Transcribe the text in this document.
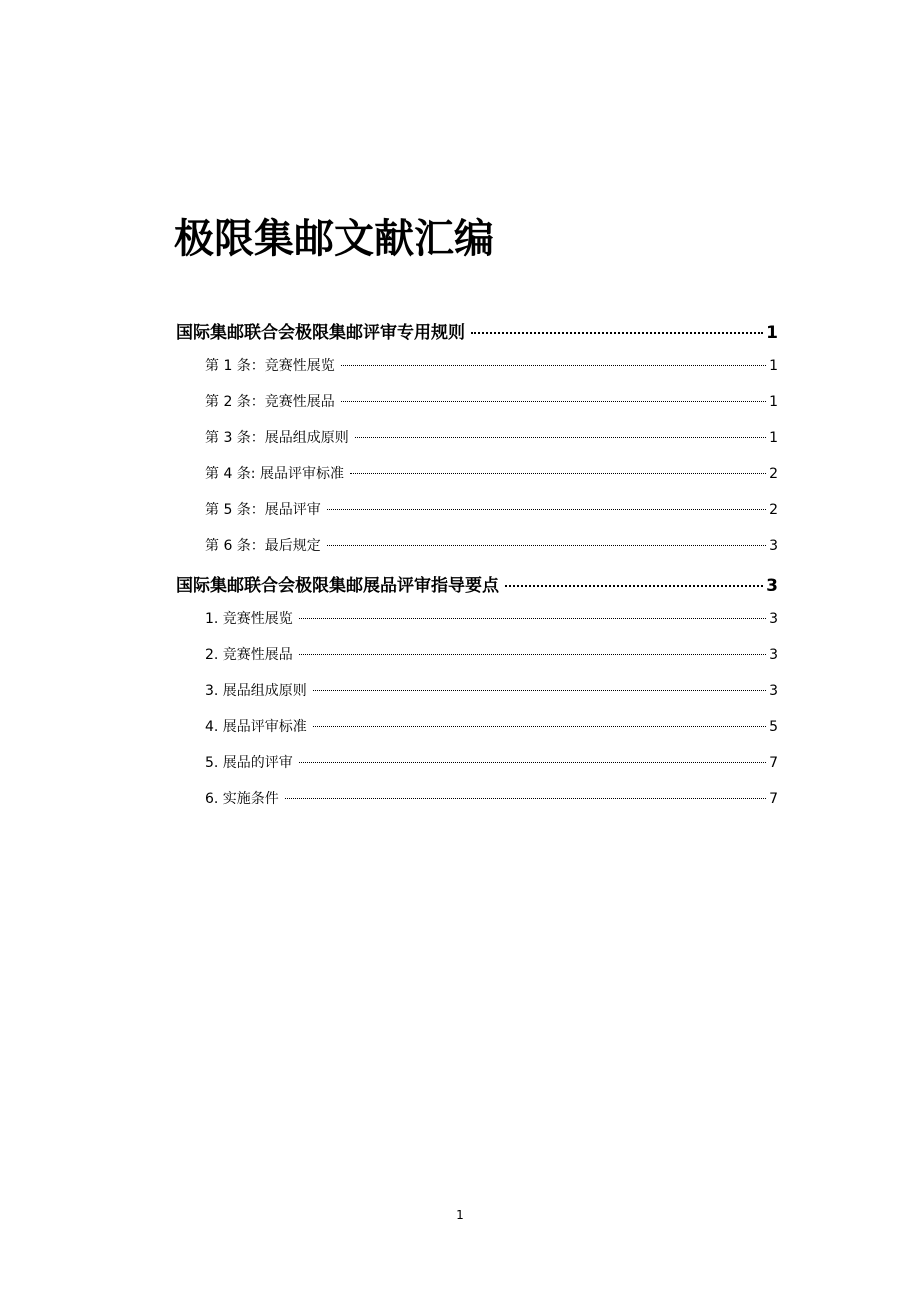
极限集邮文献汇编
国际集邮联合会极限集邮评审专用规则	1
第 1 条：竞赛性展览	1
第 2 条：竞赛性展品	1
第 3 条：展品组成原则	1
第 4 条: 展品评审标准	2
第 5 条：展品评审	2
第 6 条：最后规定	3
国际集邮联合会极限集邮展品评审指导要点	3
1. 竞赛性展览	3
2. 竞赛性展品	3
3. 展品组成原则	3
4. 展品评审标准	5
5. 展品的评审	7
6. 实施条件	7
1
